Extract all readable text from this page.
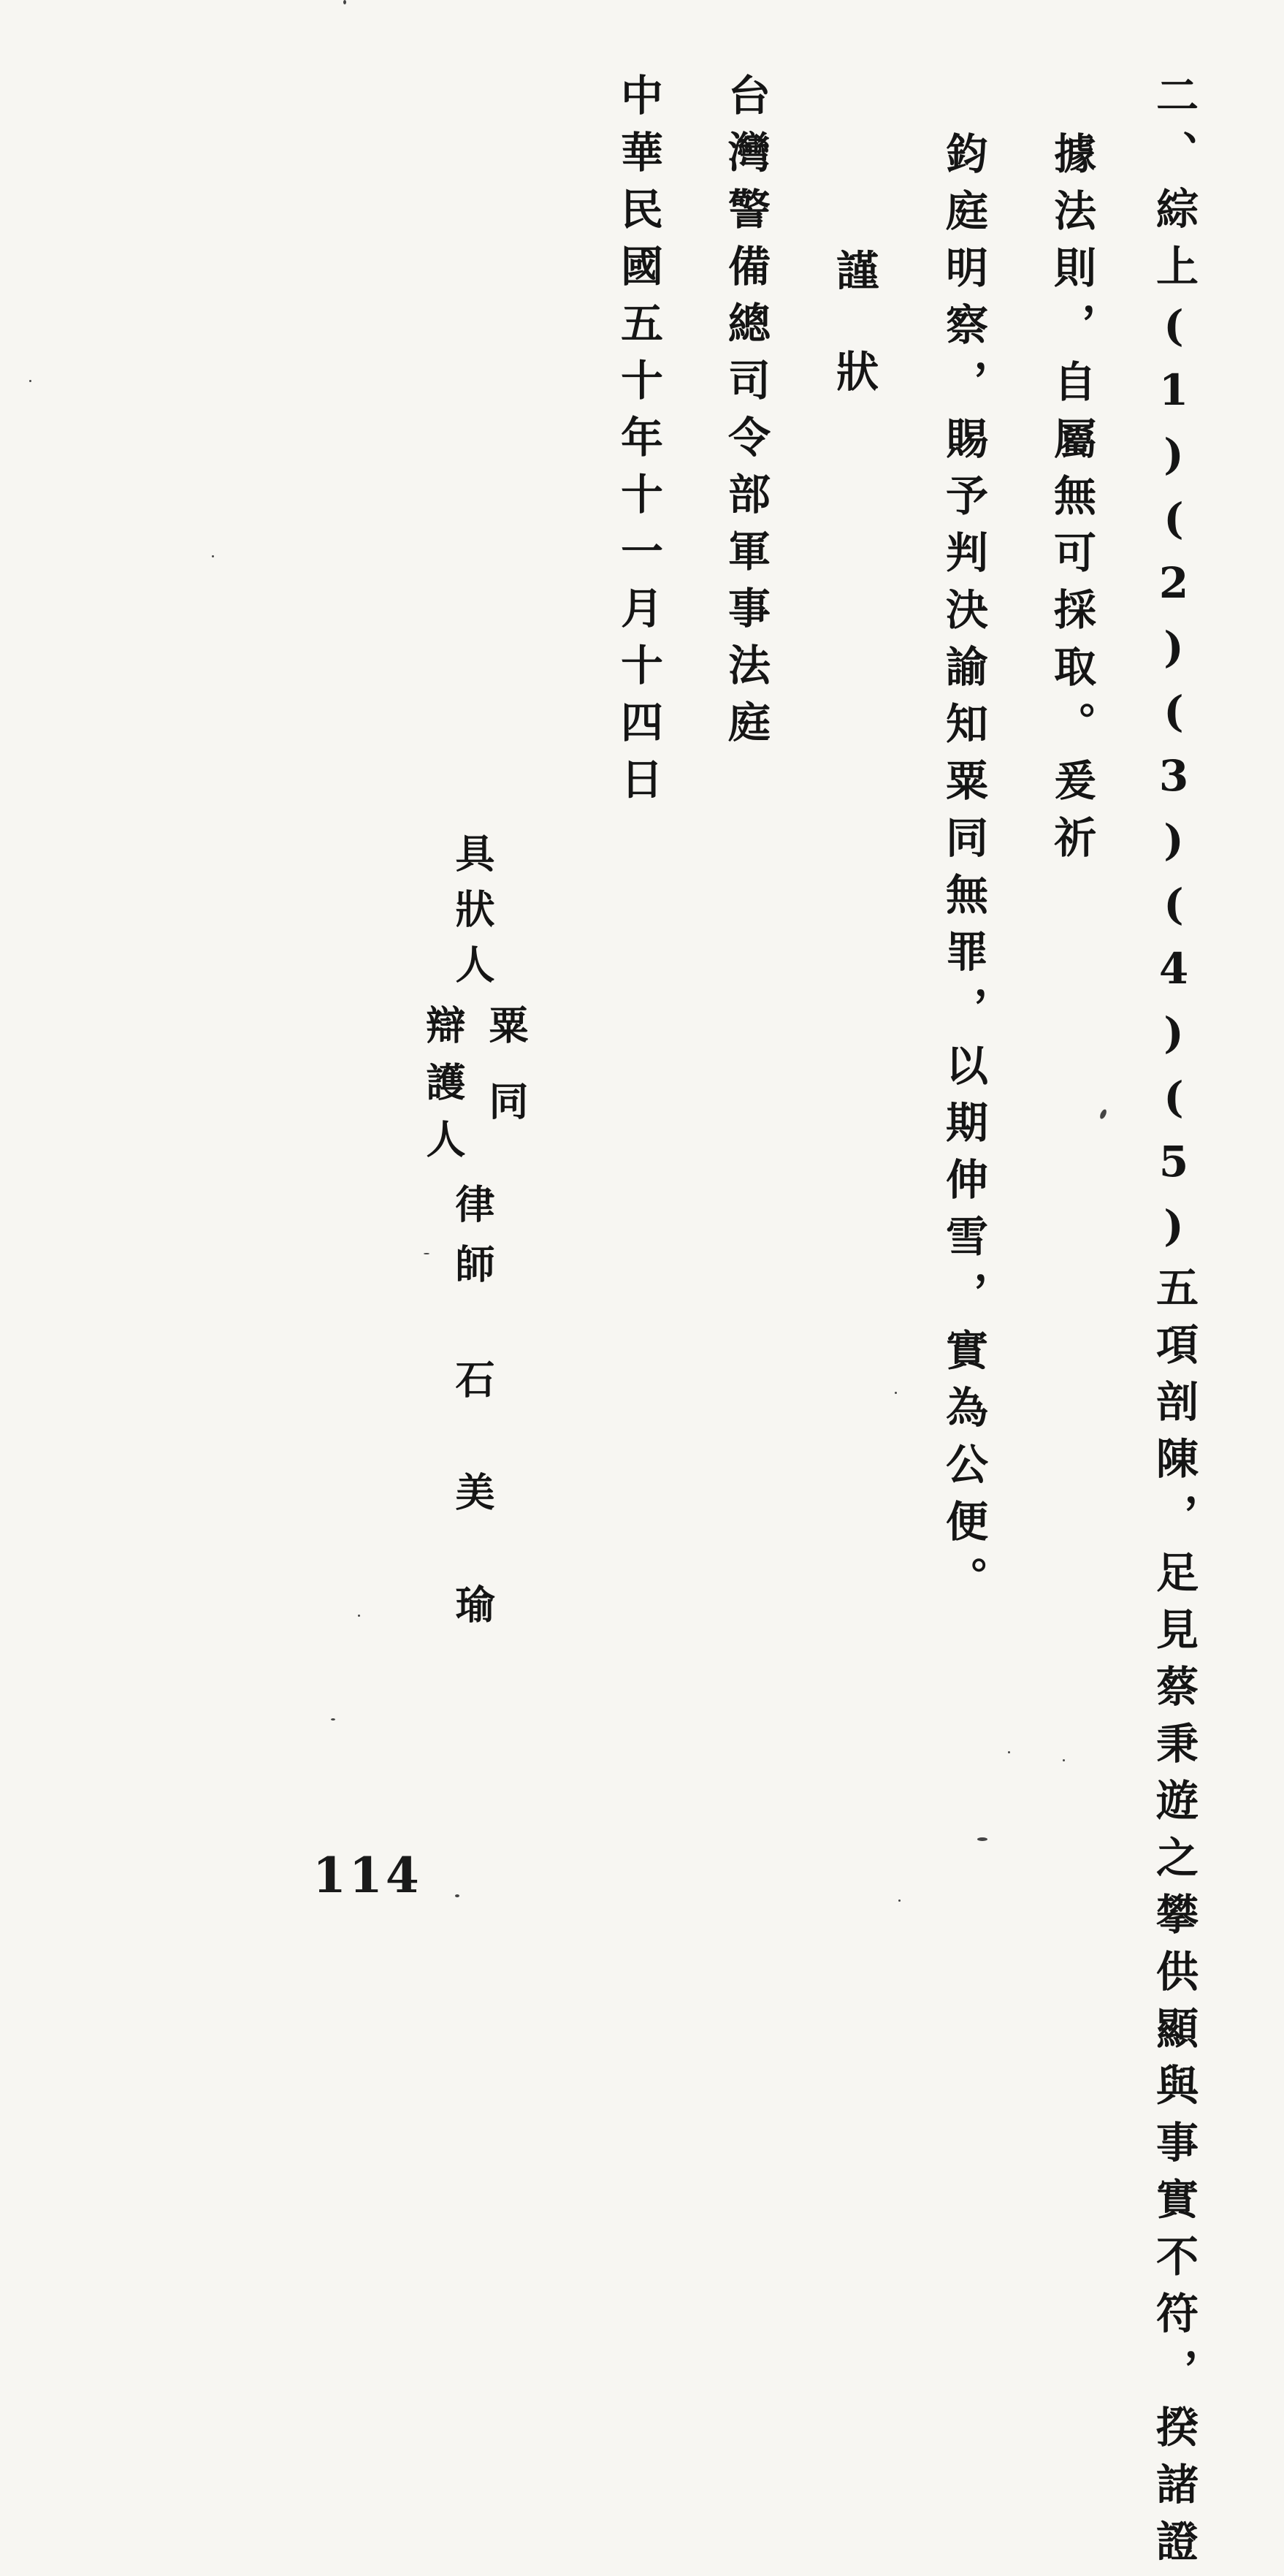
二、綜上(1)(2)(3)(4)(5)五項剖陳，足見蔡秉遊之攀供顯與事實不符，揆諸證
據法則，自屬無可採取。爰祈
鈞庭明察，賜予判決諭知粟同無罪，以期伸雪，實為公便。
謹狀
台灣警備總司令部軍事法庭
中華民國五十年十一月十四日
具狀人
粟同
辯護人
律師
石美瑜
114
